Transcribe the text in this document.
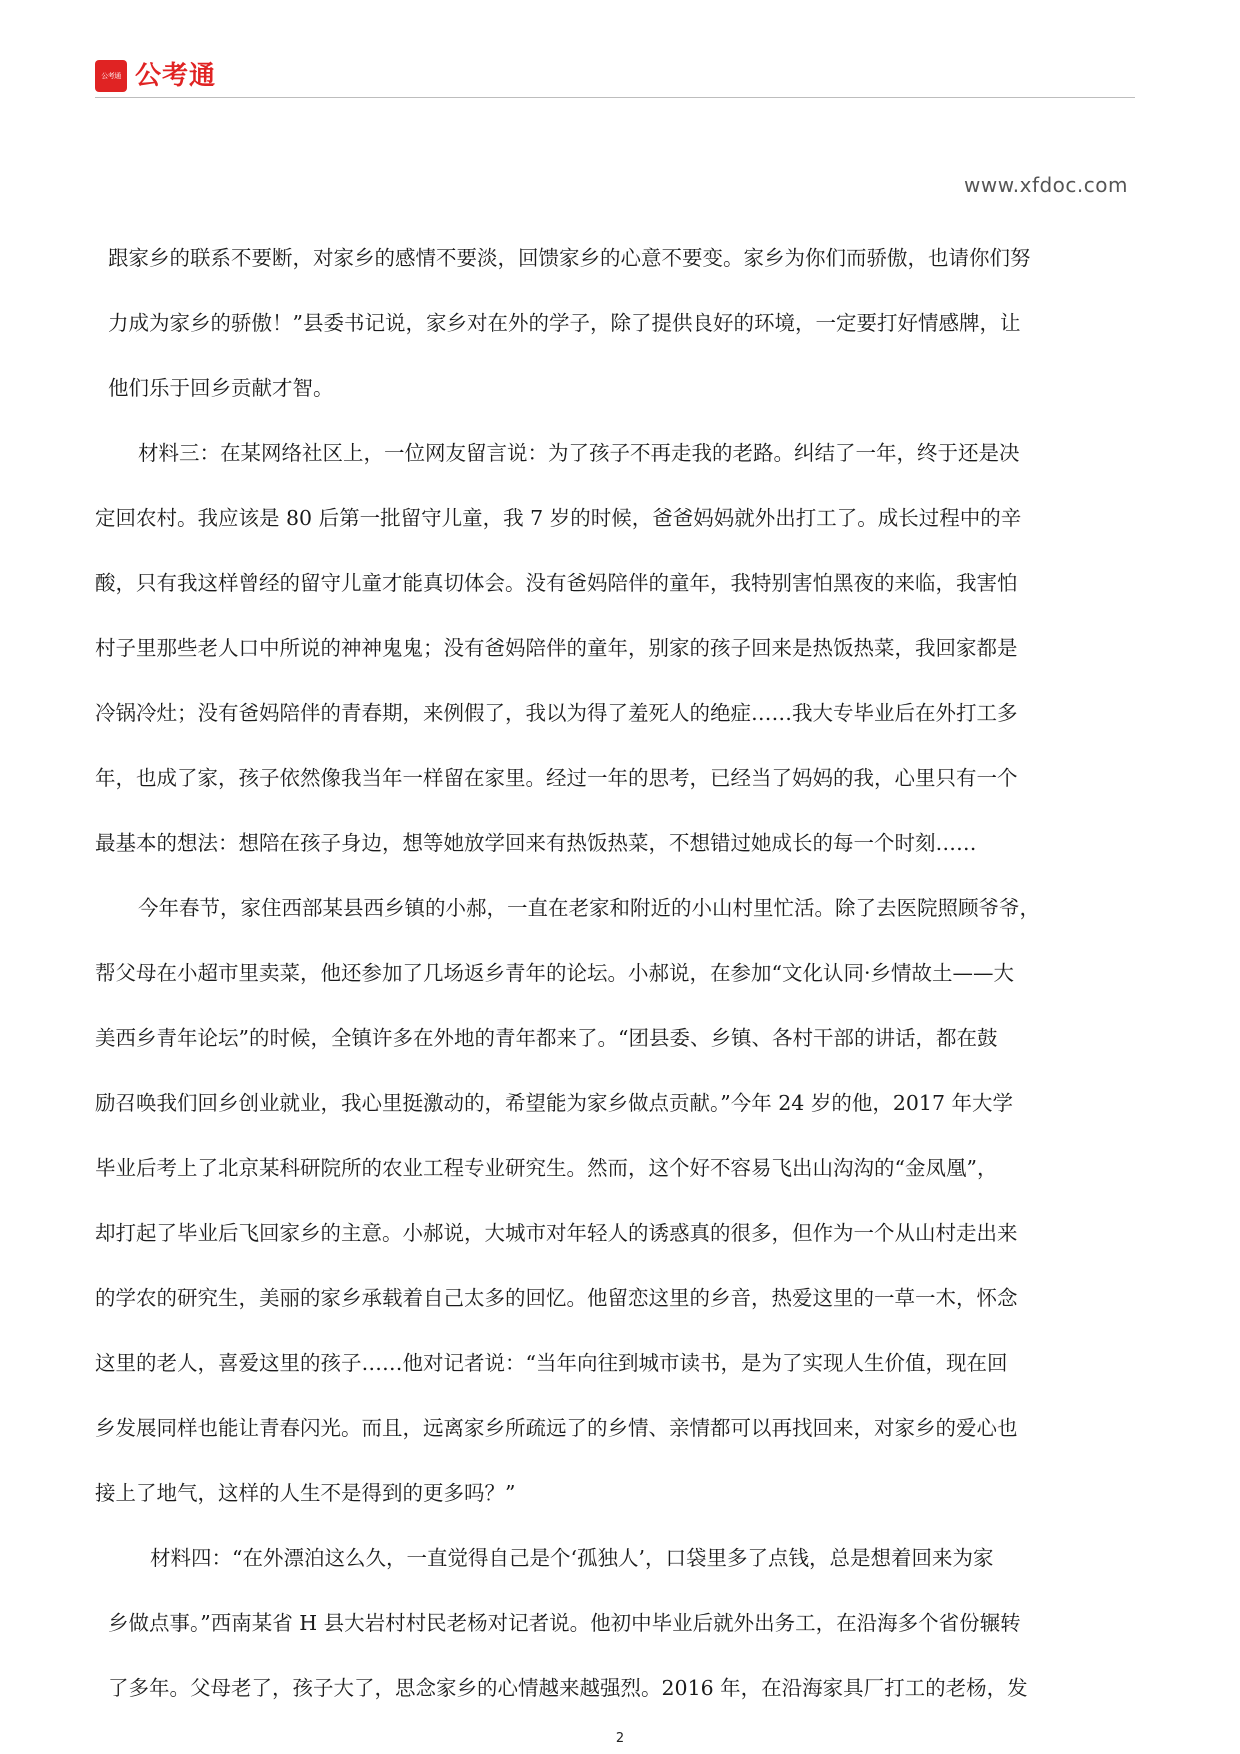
公考通 公考通
www.xfdoc.com
跟家乡的联系不要断，对家乡的感情不要淡，回馈家乡的心意不要变。家乡为你们而骄傲，也请你们努
力成为家乡的骄傲！”县委书记说，家乡对在外的学子，除了提供良好的环境，一定要打好情感牌，让
他们乐于回乡贡献才智。
材料三：在某网络社区上，一位网友留言说：为了孩子不再走我的老路。纠结了一年，终于还是决
定回农村。我应该是 80 后第一批留守儿童，我 7 岁的时候，爸爸妈妈就外出打工了。成长过程中的辛
酸，只有我这样曾经的留守儿童才能真切体会。没有爸妈陪伴的童年，我特别害怕黑夜的来临，我害怕
村子里那些老人口中所说的神神鬼鬼；没有爸妈陪伴的童年，别家的孩子回来是热饭热菜，我回家都是
冷锅冷灶；没有爸妈陪伴的青春期，来例假了，我以为得了羞死人的绝症……我大专毕业后在外打工多
年，也成了家，孩子依然像我当年一样留在家里。经过一年的思考，已经当了妈妈的我，心里只有一个
最基本的想法：想陪在孩子身边，想等她放学回来有热饭热菜，不想错过她成长的每一个时刻……
今年春节，家住西部某县西乡镇的小郝，一直在老家和附近的小山村里忙活。除了去医院照顾爷爷，
帮父母在小超市里卖菜，他还参加了几场返乡青年的论坛。小郝说，在参加“文化认同·乡情故土——大
美西乡青年论坛”的时候，全镇许多在外地的青年都来了。“团县委、乡镇、各村干部的讲话，都在鼓
励召唤我们回乡创业就业，我心里挺激动的，希望能为家乡做点贡献。”今年 24 岁的他，2017 年大学
毕业后考上了北京某科研院所的农业工程专业研究生。然而，这个好不容易飞出山沟沟的“金凤凰”，
却打起了毕业后飞回家乡的主意。小郝说，大城市对年轻人的诱惑真的很多，但作为一个从山村走出来
的学农的研究生，美丽的家乡承载着自己太多的回忆。他留恋这里的乡音，热爱这里的一草一木，怀念
这里的老人，喜爱这里的孩子……他对记者说：“当年向往到城市读书，是为了实现人生价值，现在回
乡发展同样也能让青春闪光。而且，远离家乡所疏远了的乡情、亲情都可以再找回来，对家乡的爱心也
接上了地气，这样的人生不是得到的更多吗？”
材料四：“在外漂泊这么久，一直觉得自己是个‘孤独人’，口袋里多了点钱，总是想着回来为家
乡做点事。”西南某省 H 县大岩村村民老杨对记者说。他初中毕业后就外出务工，在沿海多个省份辗转
了多年。父母老了，孩子大了，思念家乡的心情越来越强烈。2016 年，在沿海家具厂打工的老杨，发
2
